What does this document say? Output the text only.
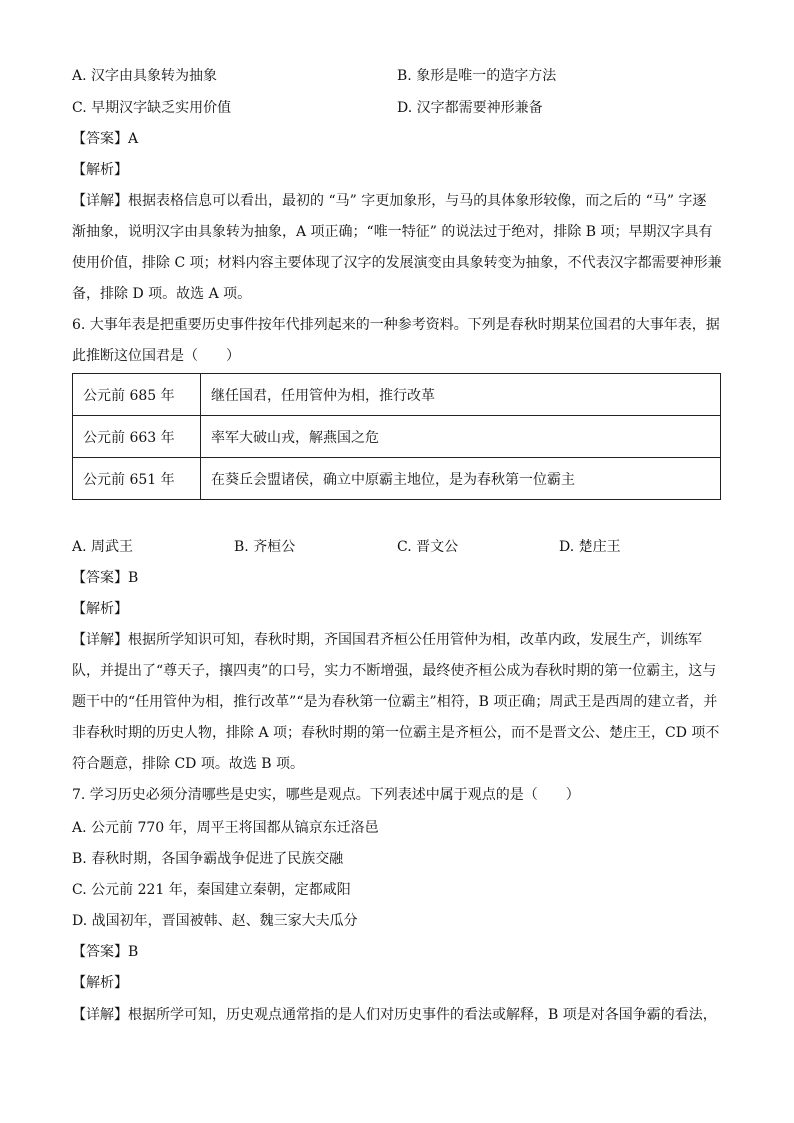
A. 汉字由具象转为抽象	B. 象形是唯一的造字方法
C. 早期汉字缺乏实用价值	D. 汉字都需要神形兼备
【答案】A
【解析】
【详解】根据表格信息可以看出，最初的 “马” 字更加象形，与马的具体象形较像，而之后的 “马” 字逐
渐抽象，说明汉字由具象转为抽象，A 项正确；“唯一特征” 的说法过于绝对，排除 B 项；早期汉字具有
使用价值，排除 C 项；材料内容主要体现了汉字的发展演变由具象转变为抽象，不代表汉字都需要神形兼
备，排除 D 项。故选 A 项。
6. 大事年表是把重要历史事件按年代排列起来的一种参考资料。下列是春秋时期某位国君的大事年表，据
此推断这位国君是（　　）
公元前 685 年	继任国君，任用管仲为相，推行改革
公元前 663 年	率军大破山戎，解燕国之危
公元前 651 年	在葵丘会盟诸侯，确立中原霸主地位，是为春秋第一位霸主
A. 周武王	B. 齐桓公	C. 晋文公	D. 楚庄王
【答案】B
【解析】
【详解】根据所学知识可知，春秋时期，齐国国君齐桓公任用管仲为相，改革内政，发展生产，训练军
队，并提出了“尊天子，攘四夷”的口号，实力不断增强，最终使齐桓公成为春秋时期的第一位霸主，这与
题干中的“任用管仲为相，推行改革”“是为春秋第一位霸主”相符，B 项正确；周武王是西周的建立者，并
非春秋时期的历史人物，排除 A 项；春秋时期的第一位霸主是齐桓公，而不是晋文公、楚庄王，CD 项不
符合题意，排除 CD 项。故选 B 项。
7. 学习历史必须分清哪些是史实，哪些是观点。下列表述中属于观点的是（　　）
A. 公元前 770 年，周平王将国都从镐京东迁洛邑
B. 春秋时期，各国争霸战争促进了民族交融
C. 公元前 221 年，秦国建立秦朝，定都咸阳
D. 战国初年，晋国被韩、赵、魏三家大夫瓜分
【答案】B
【解析】
【详解】根据所学可知，历史观点通常指的是人们对历史事件的看法或解释，B 项是对各国争霸的看法，
